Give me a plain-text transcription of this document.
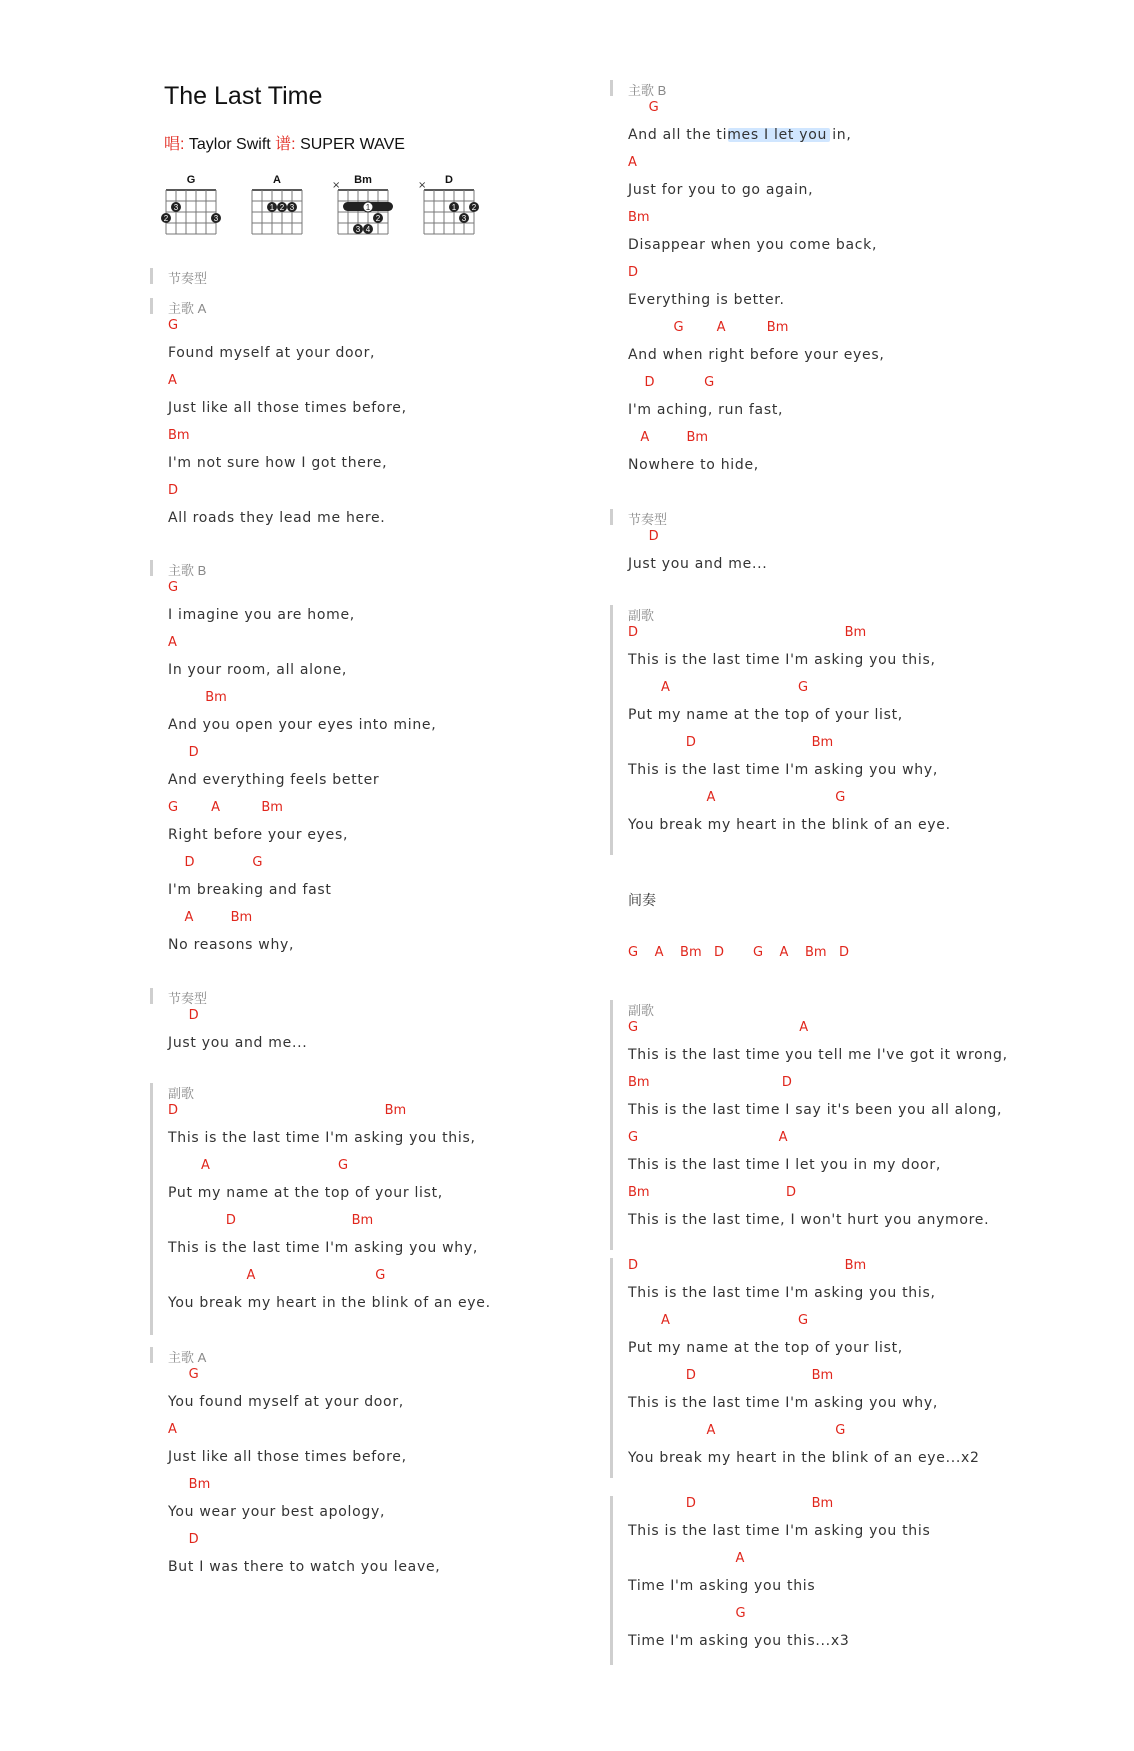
The Last Time
唱: Taylor Swift 谱: SUPER WAVE
G
3
2	3
A
1 2 3
Bm
×
1
2
3 4
D
×
1 2
3
节奏型
主歌 A
G
Found myself at your door,
A
Just like all those times before,
Bm
I'm not sure how I got there,
D
All roads they lead me here.
主歌 B
G
I imagine you are home,
A
In your room, all alone,
Bm
And you open your eyes into mine,
D
And everything feels better
G        A          Bm
Right before your eyes,
D              G
I'm breaking and fast
A         Bm
No reasons why,
节奏型
D
Just you and me...
副歌
D                                                  Bm
This is the last time I'm asking you this,
A                               G
Put my name at the top of your list,
D                            Bm
This is the last time I'm asking you why,
A                             G
You break my heart in the blink of an eye.
主歌 A
G
You found myself at your door,
A
Just like all those times before,
Bm
You wear your best apology,
D
But I was there to watch you leave,
主歌 B
G
And all the times I let you in,
A
Just for you to go again,
Bm
Disappear when you come back,
D
Everything is better.
G        A          Bm
And when right before your eyes,
D            G
I'm aching, run fast,
A         Bm
Nowhere to hide,
节奏型
D
Just you and me...
副歌
D                                                  Bm
This is the last time I'm asking you this,
A                               G
Put my name at the top of your list,
D                            Bm
This is the last time I'm asking you why,
A                             G
You break my heart in the blink of an eye.
副歌
G                                       A
This is the last time you tell me I've got it wrong,
Bm                                D
This is the last time I say it's been you all along,
G                                  A
This is the last time I let you in my door,
Bm                                 D
This is the last time, I won't hurt you anymore.
D                                                  Bm
This is the last time I'm asking you this,
A                               G
Put my name at the top of your list,
D                            Bm
This is the last time I'm asking you why,
A                             G
You break my heart in the blink of an eye...x2
D                            Bm
This is the last time I'm asking you this
A
Time I'm asking you this
G
Time I'm asking you this...x3
间奏
G    A    Bm   D       G    A    Bm   D
